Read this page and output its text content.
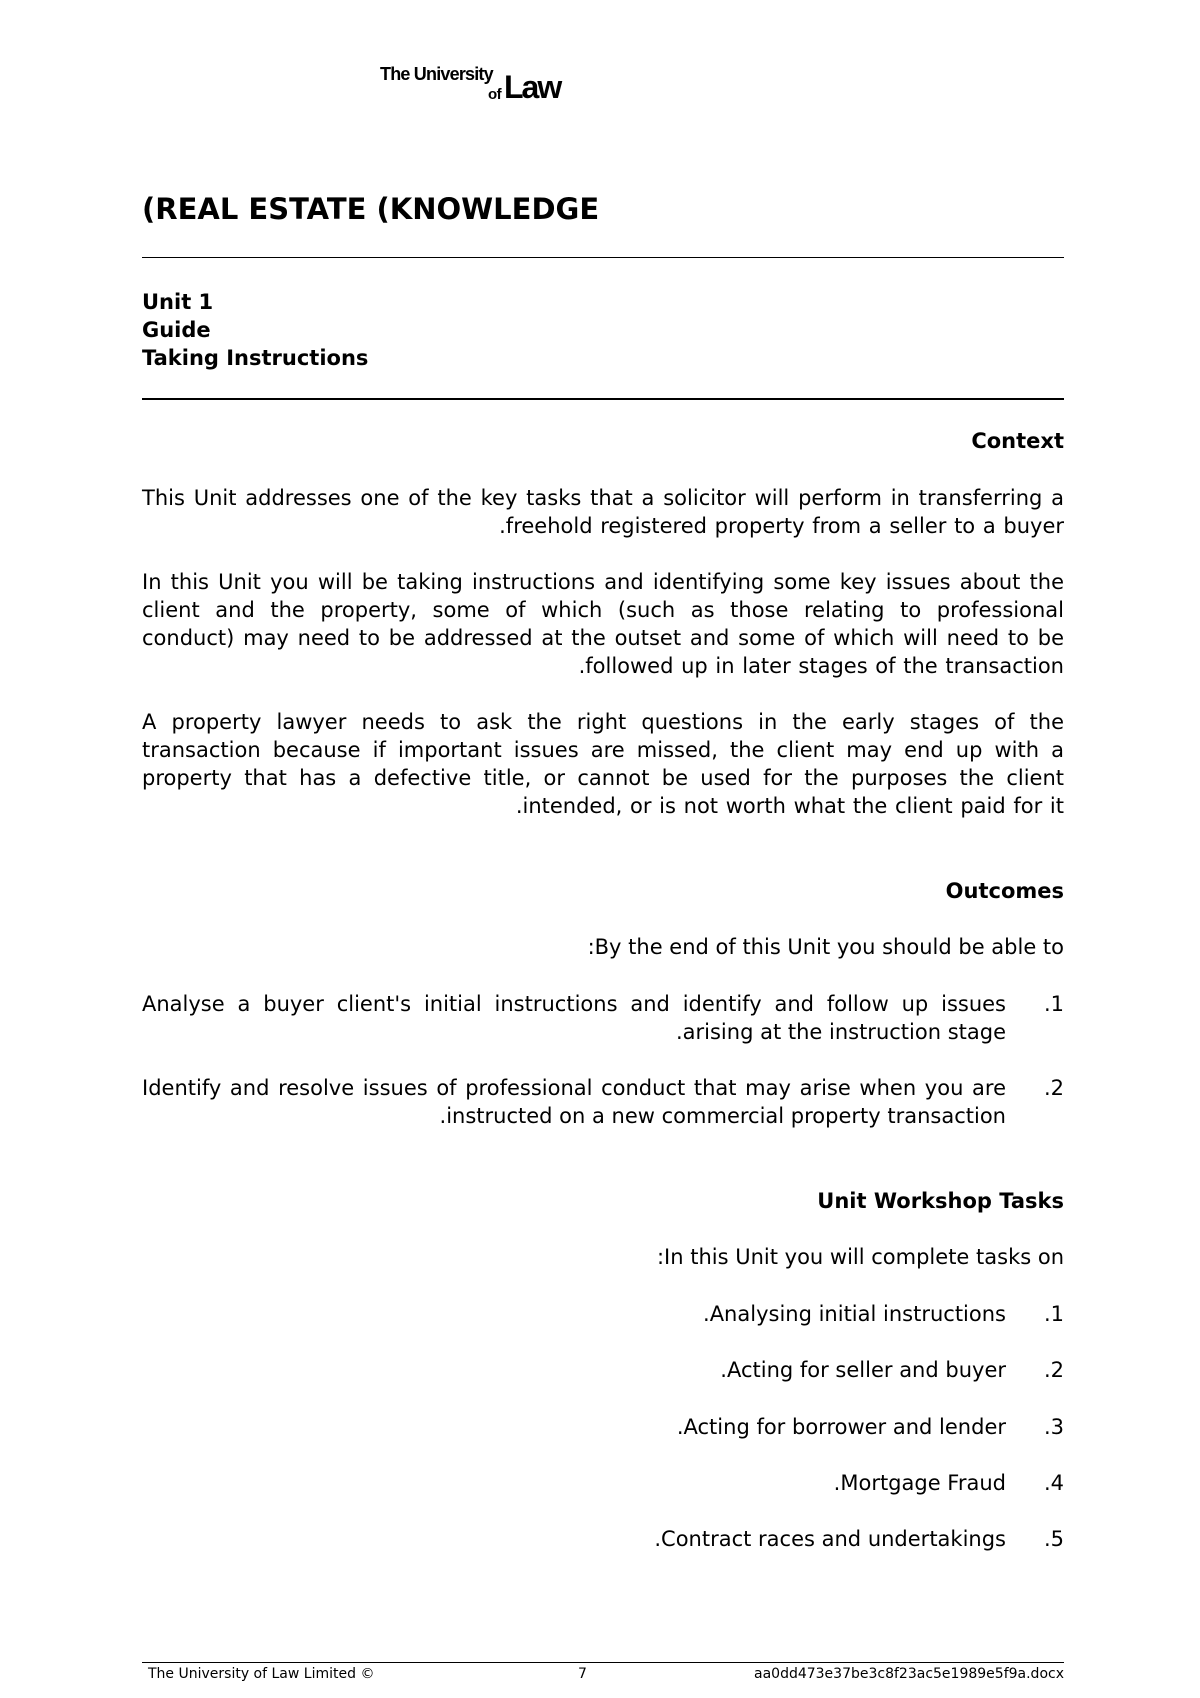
The University
of Law
(REAL ESTATE (KNOWLEDGE
Unit 1
Guide
Taking Instructions
Context
This Unit addresses one of the key tasks that a solicitor will perform in transferring a .freehold registered property from a seller to a buyer
In this Unit you will be taking instructions and identifying some key issues about the client and the property, some of which (such as those relating to professional conduct) may need to be addressed at the outset and some of which will need to be .followed up in later stages of the transaction
A property lawyer needs to ask the right questions in the early stages of the transaction because if important issues are missed, the client may end up with a property that has a defective title, or cannot be used for the purposes the client .intended, or is not worth what the client paid for it
Outcomes
:By the end of this Unit you should be able to
.1
Analyse a buyer client's initial instructions and identify and follow up issues .arising at the instruction stage
.2
Identify and resolve issues of professional conduct that may arise when you are .instructed on a new commercial property transaction
Unit Workshop Tasks
:In this Unit you will complete tasks on
.1
.Analysing initial instructions
.2
.Acting for seller and buyer
.3
.Acting for borrower and lender
.4
.Mortgage Fraud
.5
.Contract races and undertakings
The University of Law Limited ©	7	aa0dd473e37be3c8f23ac5e1989e5f9a.docx
